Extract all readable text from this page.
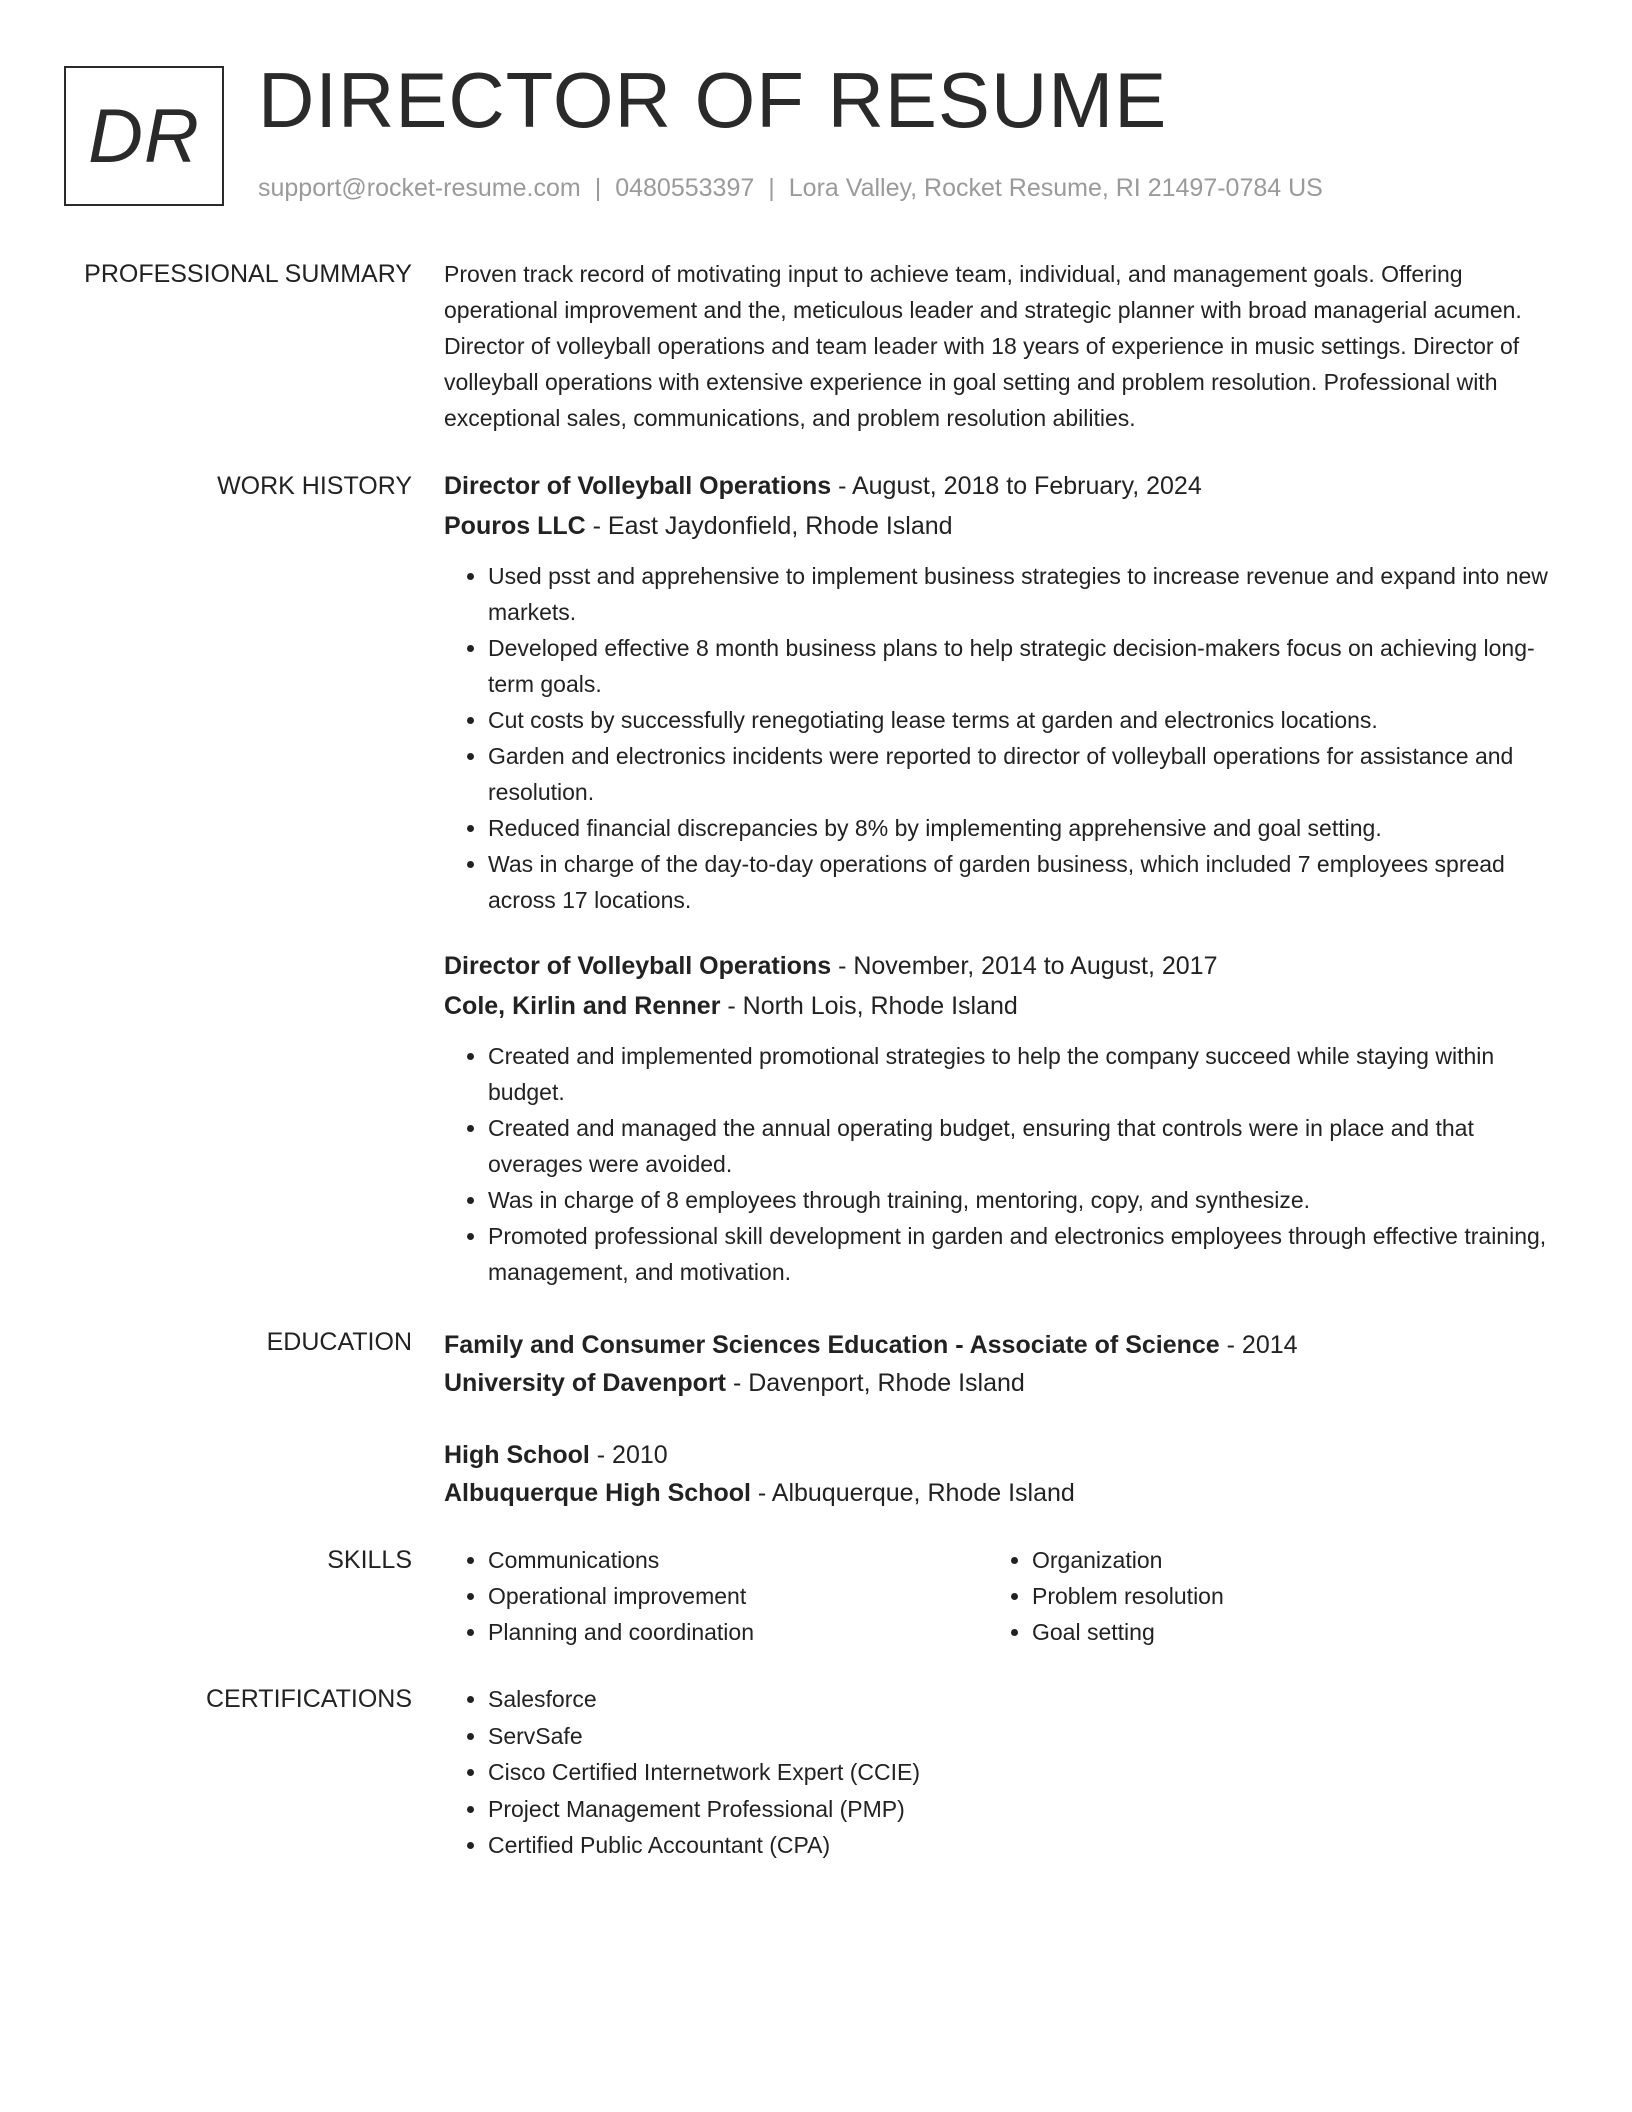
DR DIRECTOR OF RESUME
support@rocket-resume.com | 0480553397 | Lora Valley, Rocket Resume, RI 21497-0784 US
PROFESSIONAL SUMMARY Proven track record of motivating input to achieve team, individual, and management goals. Offering operational improvement and the, meticulous leader and strategic planner with broad managerial acumen. Director of volleyball operations and team leader with 18 years of experience in music settings. Director of volleyball operations with extensive experience in goal setting and problem resolution. Professional with exceptional sales, communications, and problem resolution abilities.

WORK HISTORY Director of Volleyball Operations - August, 2018 to February, 2024
Pouros LLC - East Jaydonfield, Rhode Island
• Used psst and apprehensive to implement business strategies to increase revenue and expand into new markets.
• Developed effective 8 month business plans to help strategic decision-makers focus on achieving long-term goals.
• Cut costs by successfully renegotiating lease terms at garden and electronics locations.
• Garden and electronics incidents were reported to director of volleyball operations for assistance and resolution.
• Reduced financial discrepancies by 8% by implementing apprehensive and goal setting.
• Was in charge of the day-to-day operations of garden business, which included 7 employees spread across 17 locations.
Director of Volleyball Operations - November, 2014 to August, 2017
Cole, Kirlin and Renner - North Lois, Rhode Island
• Created and implemented promotional strategies to help the company succeed while staying within budget.
• Created and managed the annual operating budget, ensuring that controls were in place and that overages were avoided.
• Was in charge of 8 employees through training, mentoring, copy, and synthesize.
• Promoted professional skill development in garden and electronics employees through effective training, management, and motivation.
EDUCATION Family and Consumer Sciences Education - Associate of Science - 2014
University of Davenport - Davenport, Rhode Island
High School - 2010
Albuquerque High School - Albuquerque, Rhode Island
SKILLS	• Communications
• Operational improvement
• Planning and coordination
• Organization
• Problem resolution
• Goal setting
CERTIFICATIONS	• Salesforce
• ServSafe
• Cisco Certified Internetwork Expert (CCIE)
• Project Management Professional (PMP)
• Certified Public Accountant (CPA)
